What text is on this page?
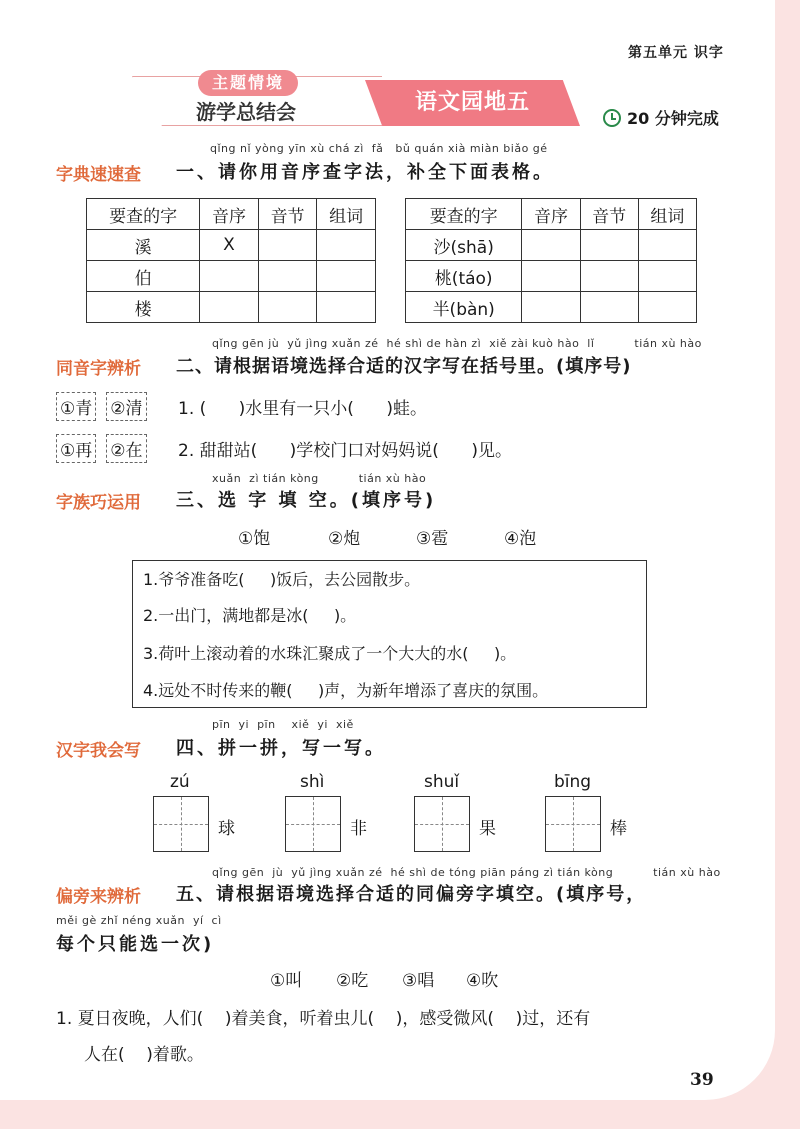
第五单元 识字
主题情境
游学总结会	语文园地五
20 分钟完成
qǐng nǐ yòng yīn xù chá zì  fǎ   bǔ quán xià miàn biǎo gé
字典速速查 一、请你用音序查字法，补全下面表格。
要查的字	音序	音节	组词
溪	X		
伯			
楼			
要查的字	音序	音节	组词
沙(shā)			
桃(táo)			
半(bàn)			
qǐng gēn jù  yǔ jìng xuǎn zé  hé shì de hàn zì  xiě zài kuò hào  lǐ          tián xù hào
同音字辨析 二、请根据语境选择合适的汉字写在括号里。(填序号)
①青 ②清 1. (      )水里有一只小(      )蛙。
①再 ②在 2. 甜甜站(      )学校门口对妈妈说(      )见。
xuǎn  zì tián kòng          tián xù hào
字族巧运用 三、选 字 填 空。(填序号)
①饱	②炮	③雹	④泡
1.爷爷准备吃(     )饭后，去公园散步。
2.一出门，满地都是冰(     )。
3.荷叶上滚动着的水珠汇聚成了一个大大的水(     )。
4.远处不时传来的鞭(     )声，为新年增添了喜庆的氛围。
pīn  yi  pīn    xiě  yi  xiě
汉字我会写 四、拼一拼，写一写。
zú
球
shì
非
shuǐ
果
bīng
棒
qǐng gēn  jù  yǔ jìng xuǎn zé  hé shì de tóng piān páng zì tián kòng          tián xù hào
偏旁来辨析 五、请根据语境选择合适的同偏旁字填空。(填序号，
měi gè zhǐ néng xuǎn  yí  cì
每个只能选一次)
①叫 ②吃 ③唱 ④吹
1. 夏日夜晚，人们(    )着美食，听着虫儿(    )，感受微风(    )过，还有
人在(    )着歌。
39
